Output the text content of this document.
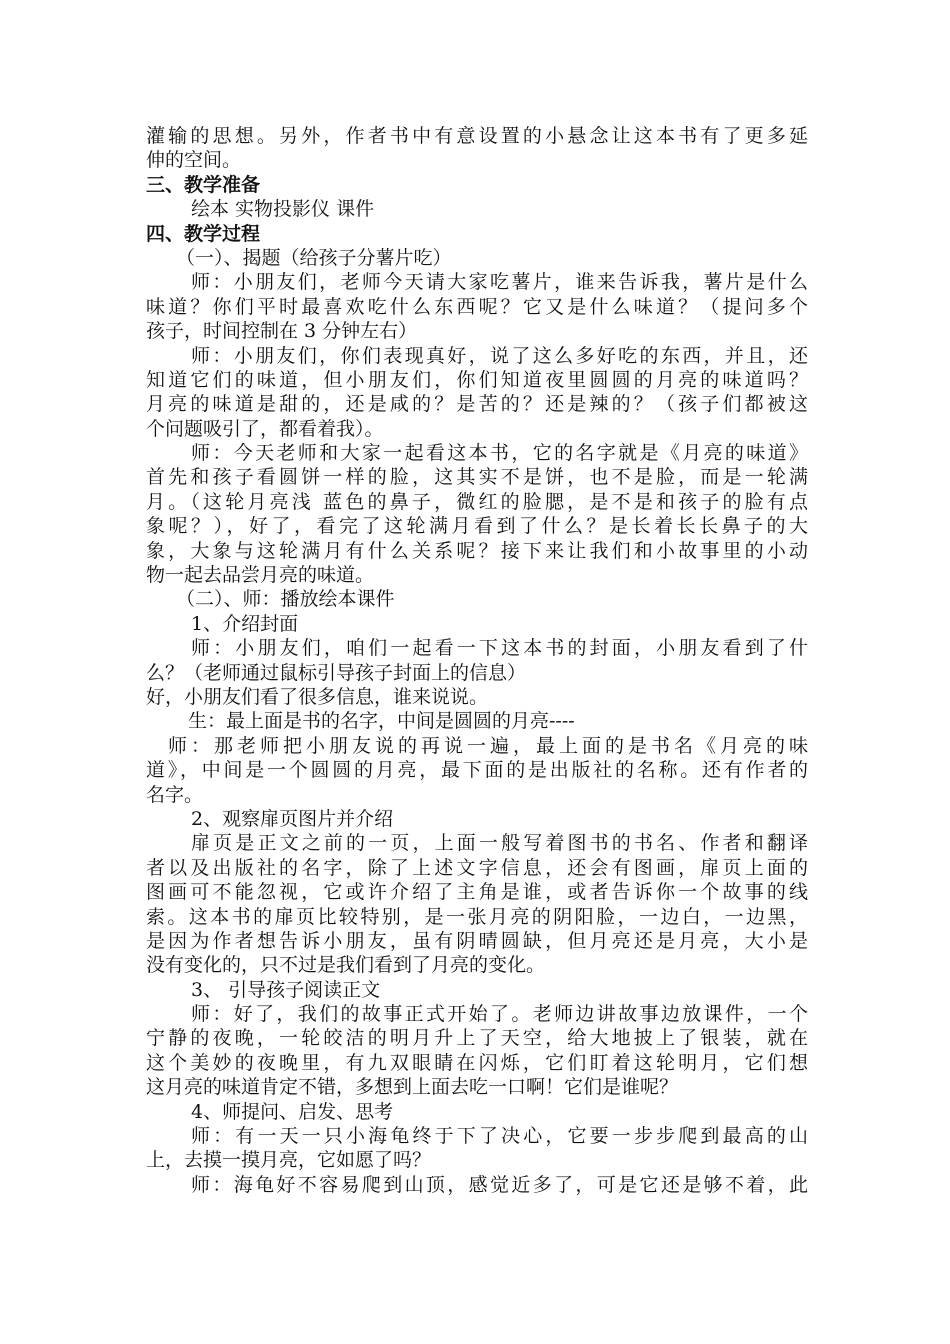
灌输的思想。另外，作者书中有意设置的小悬念让这本书有了更多延
伸的空间。
三、教学准备
绘本 实物投影仪 课件
四、教学过程
（一）、揭题（给孩子分薯片吃）
师：小朋友们，老师今天请大家吃薯片，谁来告诉我，薯片是什么
味道？你们平时最喜欢吃什么东西呢？它又是什么味道？（提问多个
孩子，时间控制在 3 分钟左右）
师：小朋友们，你们表现真好，说了这么多好吃的东西，并且，还
知道它们的味道，但小朋友们，你们知道夜里圆圆的月亮的味道吗？
月亮的味道是甜的，还是咸的？是苦的？还是辣的？（孩子们都被这
个问题吸引了，都看着我）。
师：今天老师和大家一起看这本书，它的名字就是《月亮的味道》
首先和孩子看圆饼一样的脸，这其实不是饼，也不是脸，而是一轮满
月。（这轮月亮浅 蓝色的鼻子，微红的脸腮，是不是和孩子的脸有点
象呢？），好了，看完了这轮满月看到了什么？是长着长长鼻子的大
象，大象与这轮满月有什么关系呢？接下来让我们和小故事里的小动
物一起去品尝月亮的味道。
（二）、师：播放绘本课件
1、介绍封面
师：小朋友们，咱们一起看一下这本书的封面，小朋友看到了什
么？（老师通过鼠标引导孩子封面上的信息）
好，小朋友们看了很多信息，谁来说说。
生：最上面是书的名字，中间是圆圆的月亮----
师：那老师把小朋友说的再说一遍，最上面的是书名《月亮的味
道》，中间是一个圆圆的月亮，最下面的是出版社的名称。还有作者的
名字。
2、观察扉页图片并介绍
扉页是正文之前的一页，上面一般写着图书的书名、作者和翻译
者以及出版社的名字，除了上述文字信息，还会有图画，扉页上面的
图画可不能忽视，它或许介绍了主角是谁，或者告诉你一个故事的线
索。这本书的扉页比较特别，是一张月亮的阴阳脸，一边白，一边黑，
是因为作者想告诉小朋友，虽有阴晴圆缺，但月亮还是月亮，大小是
没有变化的，只不过是我们看到了月亮的变化。
3、 引导孩子阅读正文
师：好了，我们的故事正式开始了。老师边讲故事边放课件，一个
宁静的夜晚，一轮皎洁的明月升上了天空，给大地披上了银装，就在
这个美妙的夜晚里，有九双眼睛在闪烁，它们盯着这轮明月，它们想
这月亮的味道肯定不错，多想到上面去吃一口啊！它们是谁呢？
4、师提问、启发、思考
师：有一天一只小海龟终于下了决心，它要一步步爬到最高的山
上，去摸一摸月亮，它如愿了吗？
师：海龟好不容易爬到山顶，感觉近多了，可是它还是够不着，此
